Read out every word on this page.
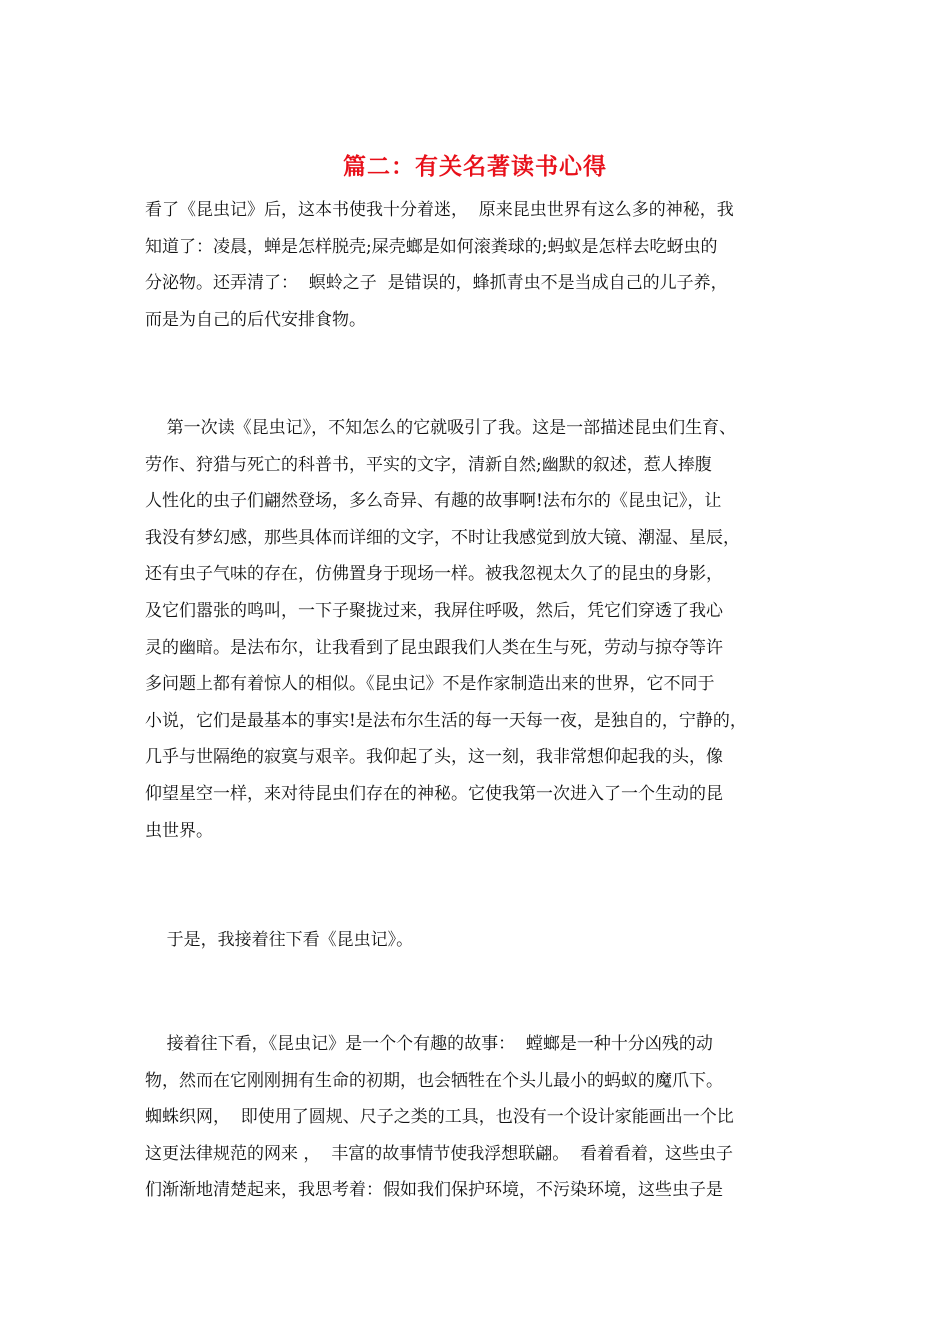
篇二：有关名著读书心得
看了《昆虫记》后，这本书使我十分着迷，  原来昆虫世界有这么多的神秘，我
知道了：凌晨，蝉是怎样脱壳;屎壳螂是如何滚粪球的;蚂蚁是怎样去吃蚜虫的
分泌物。还弄清了：  螟蛉之子  是错误的，蜂抓青虫不是当成自己的儿子养，
而是为自己的后代安排食物。
第一次读《昆虫记》，不知怎么的它就吸引了我。这是一部描述昆虫们生育、
劳作、狩猎与死亡的科普书，平实的文字，清新自然;幽默的叙述，惹人捧腹
人性化的虫子们翩然登场，多么奇异、有趣的故事啊!法布尔的《昆虫记》，让
我没有梦幻感，那些具体而详细的文字，不时让我感觉到放大镜、潮湿、星辰，
还有虫子气味的存在，仿佛置身于现场一样。被我忽视太久了的昆虫的身影，
及它们嚣张的鸣叫，一下子聚拢过来，我屏住呼吸，然后，凭它们穿透了我心
灵的幽暗。是法布尔，让我看到了昆虫跟我们人类在生与死，劳动与掠夺等许
多问题上都有着惊人的相似。《昆虫记》不是作家制造出来的世界，它不同于
小说，它们是最基本的事实!是法布尔生活的每一天每一夜，是独自的，宁静的，
几乎与世隔绝的寂寞与艰辛。我仰起了头，这一刻，我非常想仰起我的头，像
仰望星空一样，来对待昆虫们存在的神秘。它使我第一次进入了一个生动的昆
虫世界。
于是，我接着往下看《昆虫记》。
接着往下看，《昆虫记》是一个个有趣的故事：  螳螂是一种十分凶残的动
物，然而在它刚刚拥有生命的初期，也会牺牲在个头儿最小的蚂蚁的魔爪下。
蜘蛛织网，  即使用了圆规、尺子之类的工具，也没有一个设计家能画出一个比
这更法律规范的网来 ，  丰富的故事情节使我浮想联翩。  看着看着，这些虫子
们渐渐地清楚起来，我思考着：假如我们保护环境，不污染环境，这些虫子是
